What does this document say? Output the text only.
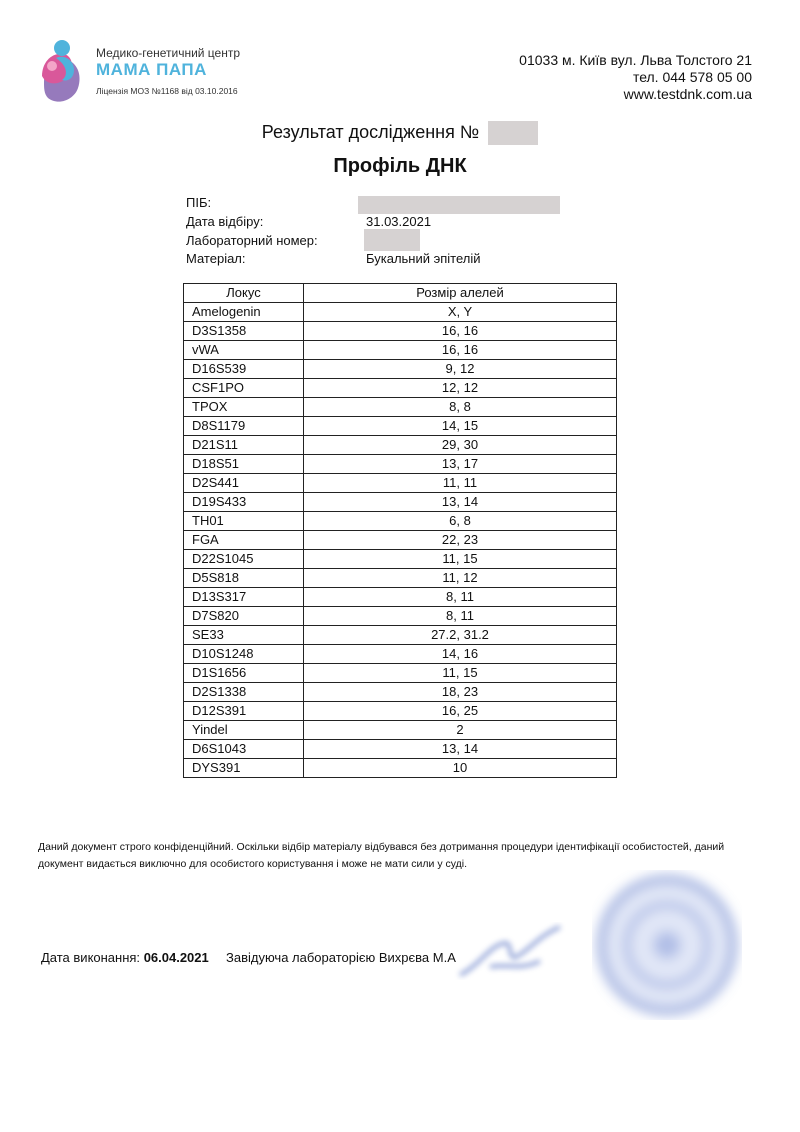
Медико-генетичний центр
МАМА ПАПА
Ліцензія МОЗ №1168 від 03.10.2016
01033 м. Київ вул. Льва Толстого 21
тел. 044 578 05 00
www.testdnk.com.ua
Результат дослідження №
Профіль ДНК
ПІБ:
Дата відбіру:	31.03.2021
Лабораторний номер:
Матеріал:	Букальний эпітелій
Локус	Розмір алелей
Amelogenin	X, Y
D3S1358	16, 16
vWA	16, 16
D16S539	9, 12
CSF1PO	12, 12
TPOX	8, 8
D8S1179	14, 15
D21S11	29, 30
D18S51	13, 17
D2S441	11, 11
D19S433	13, 14
TH01	6, 8
FGA	22, 23
D22S1045	11, 15
D5S818	11, 12
D13S317	8, 11
D7S820	8, 11
SE33	27.2, 31.2
D10S1248	14, 16
D1S1656	11, 15
D2S1338	18, 23
D12S391	16, 25
Yindel	2
D6S1043	13, 14
DYS391	10
Даний документ строго конфіденційний. Оскільки відбір матеріалу відбувався без дотримання процедури ідентифікації особистостей, даний документ видається виключно для особистого користування і може не мати сили у суді.
Дата виконання: 06.04.2021 Завідуюча лабораторією Вихрєва М.А
